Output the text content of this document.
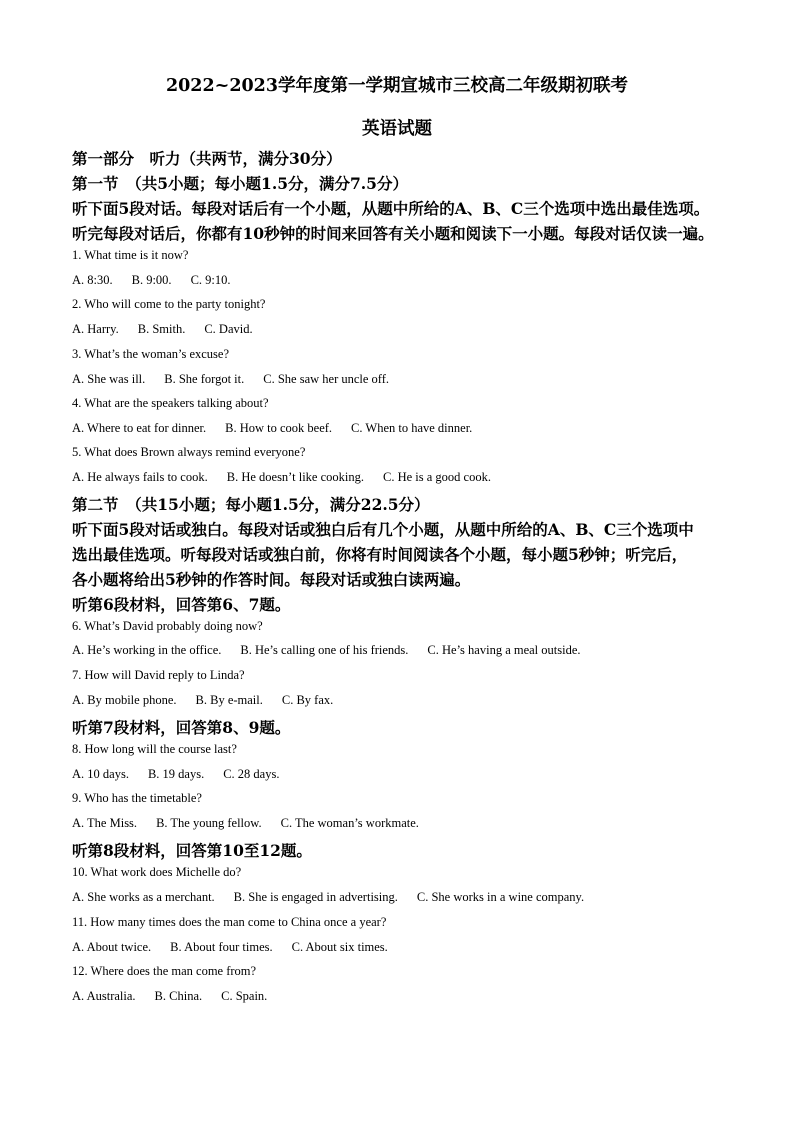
2022~2023学年度第一学期宣城市三校高二年级期初联考
英语试题
第一部分　听力（共两节，满分30分）
第一节　（共5小题；每小题1.5分，满分7.5分）
听下面5段对话。每段对话后有一个小题，从题中所给的A、B、C三个选项中选出最佳选项。
听完每段对话后，你都有10秒钟的时间来回答有关小题和阅读下一小题。每段对话仅读一遍。
1. What time is it now?
A. 8:30. B. 9:00. C. 9:10.
2. Who will come to the party tonight?
A. Harry. B. Smith. C. David.
3. What’s the woman’s excuse?
A. She was ill. B. She forgot it. C. She saw her uncle off.
4. What are the speakers talking about?
A. Where to eat for dinner. B. How to cook beef. C. When to have dinner.
5. What does Brown always remind everyone?
A. He always fails to cook. B. He doesn’t like cooking. C. He is a good cook.
第二节　（共15小题；每小题1.5分，满分22.5分）
听下面5段对话或独白。每段对话或独白后有几个小题，从题中所给的A、B、C三个选项中
选出最佳选项。听每段对话或独白前，你将有时间阅读各个小题，每小题5秒钟；听完后，
各小题将给出5秒钟的作答时间。每段对话或独白读两遍。
听第6段材料，回答第6、7题。
6. What’s David probably doing now?
A. He’s working in the office. B. He’s calling one of his friends. C. He’s having a meal outside.
7. How will David reply to Linda?
A. By mobile phone. B. By e-mail. C. By fax.
听第7段材料，回答第8、9题。
8. How long will the course last?
A. 10 days. B. 19 days. C. 28 days.
9. Who has the timetable?
A. The Miss. B. The young fellow. C. The woman’s workmate.
听第8段材料，回答第10至12题。
10. What work does Michelle do?
A. She works as a merchant. B. She is engaged in advertising. C. She works in a wine company.
11. How many times does the man come to China once a year?
A. About twice. B. About four times. C. About six times.
12. Where does the man come from?
A. Australia. B. China. C. Spain.
